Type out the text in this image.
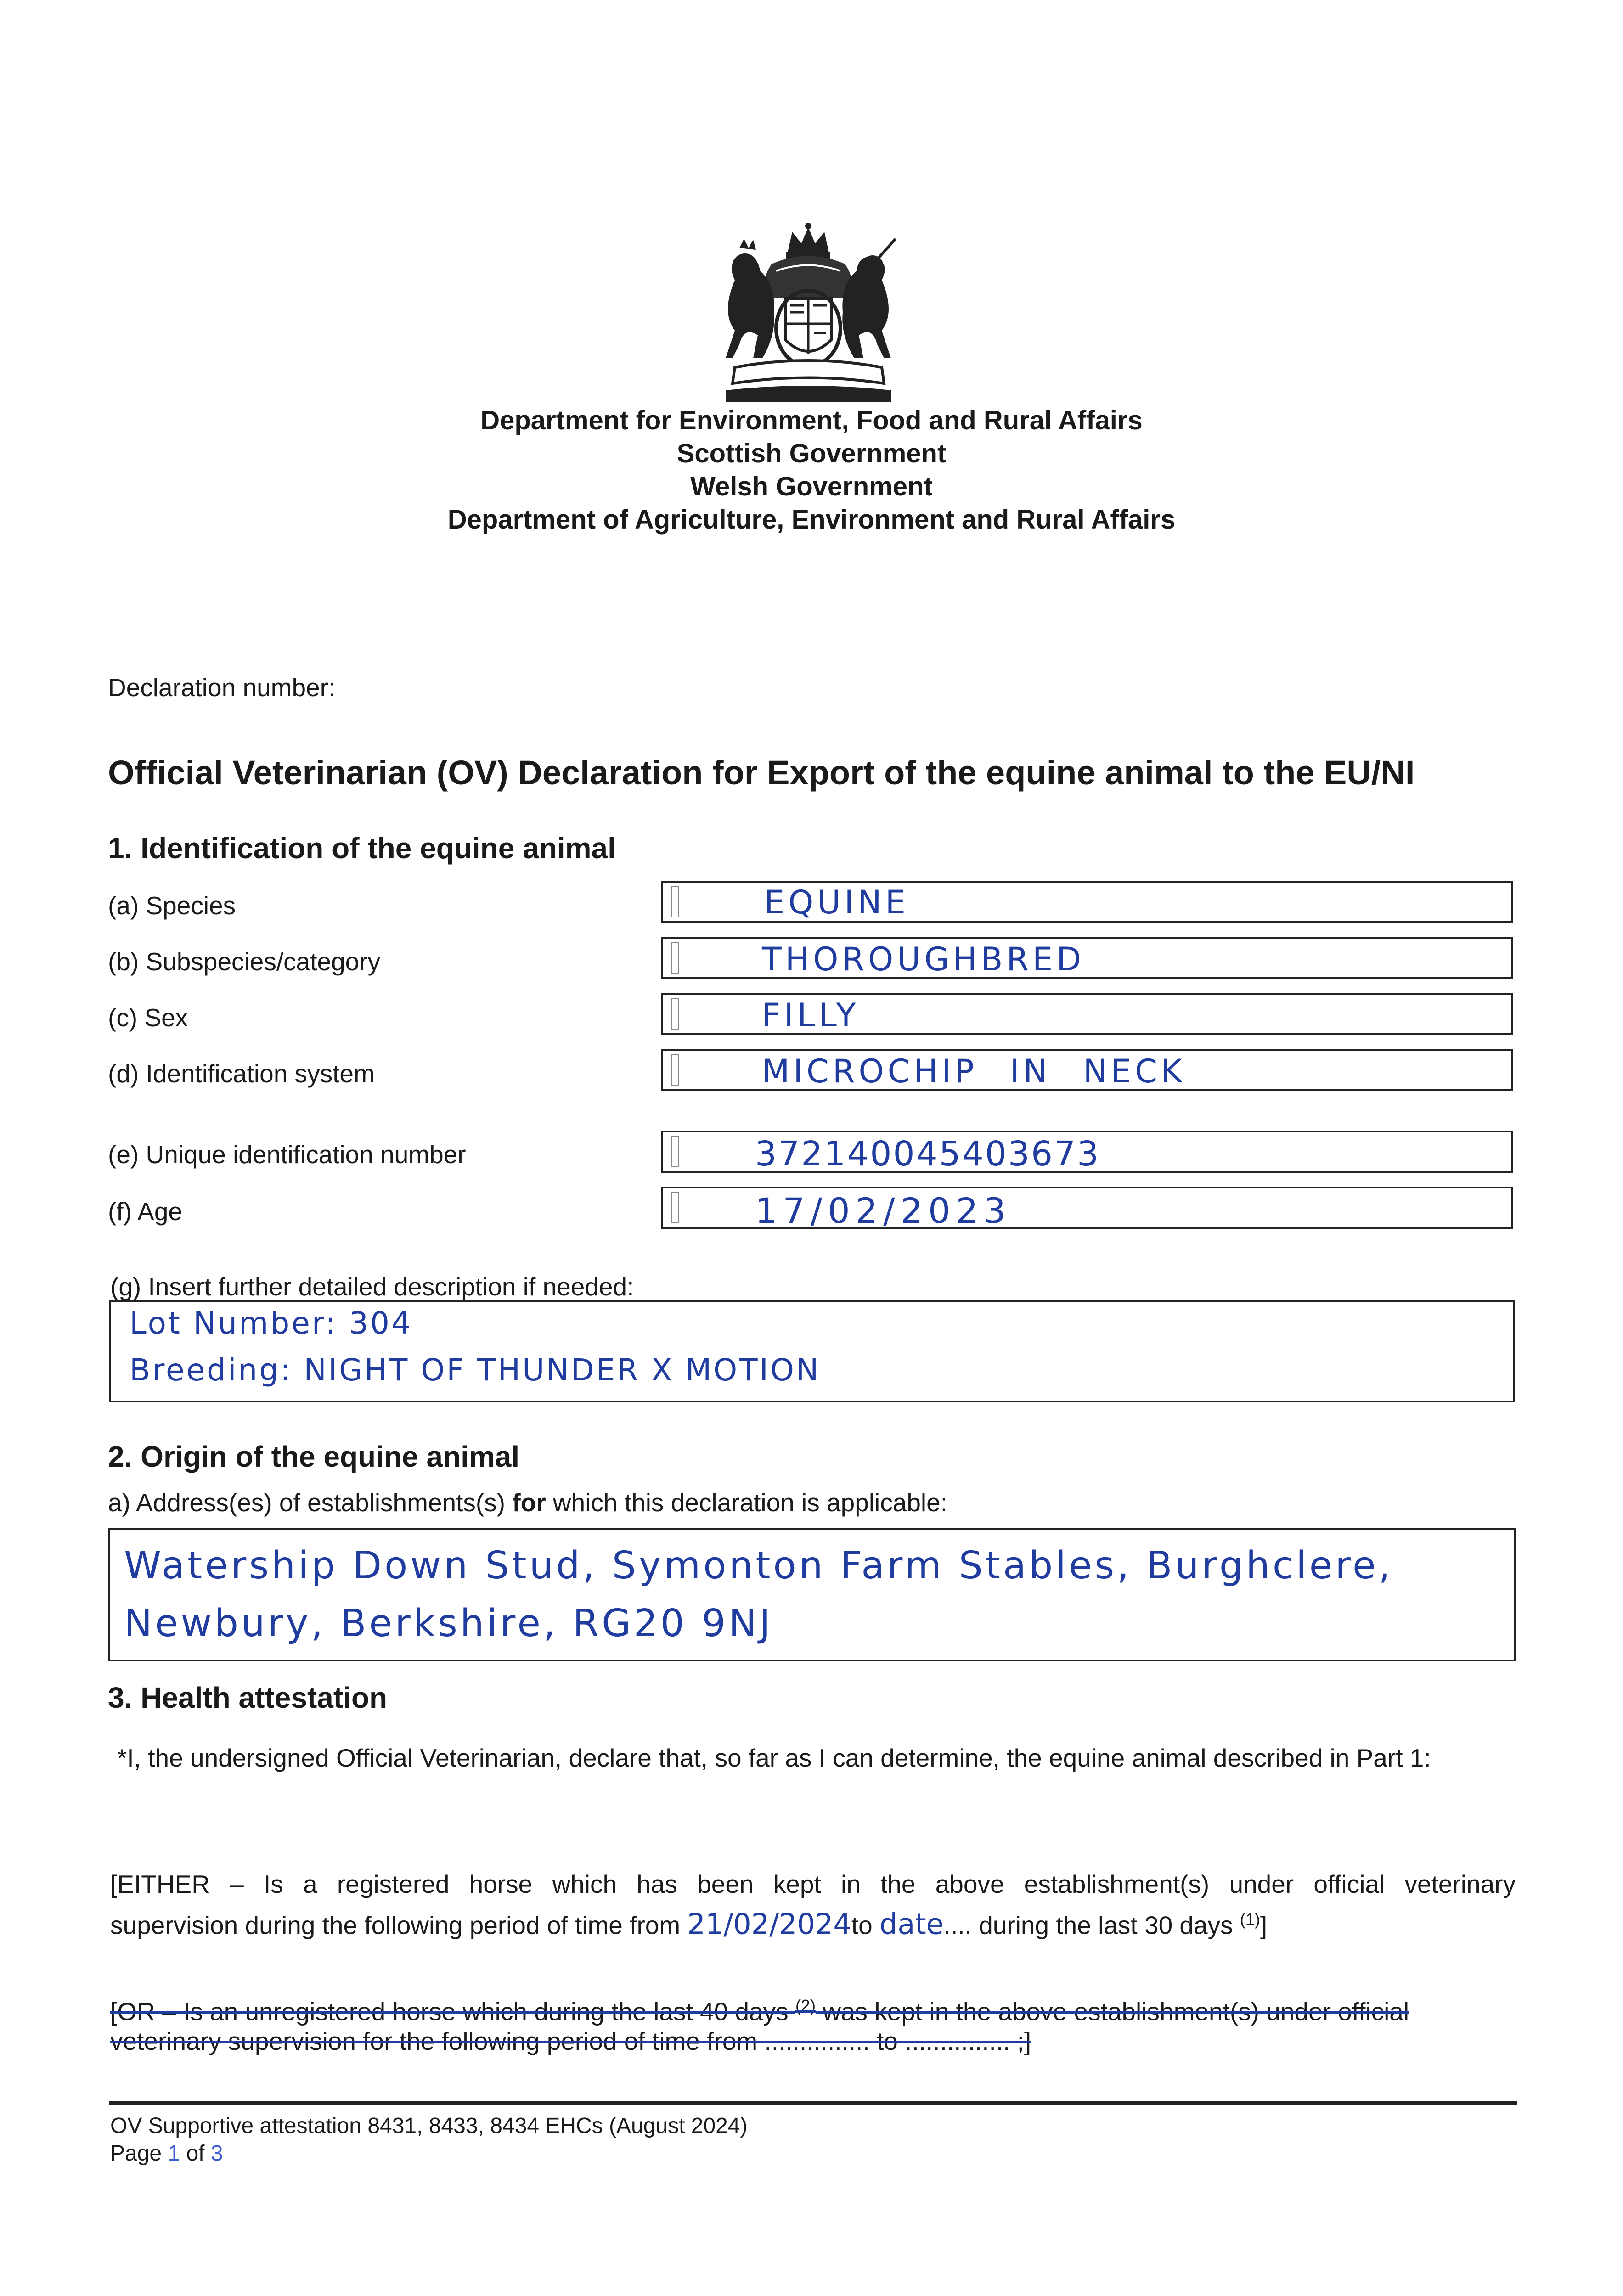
Department for Environment, Food and Rural Affairs
Scottish Government
Welsh Government
Department of Agriculture, Environment and Rural Affairs
Declaration number:
Official Veterinarian (OV) Declaration for Export of the equine animal to the EU/NI
1. Identification of the equine animal
(a) Species	EQUINE
(b) Subspecies/category	THOROUGHBRED
(c) Sex	FILLY
(d) Identification system	MICROCHIP IN NECK
(e) Unique identification number	372140045403673
(f) Age	17/02/2023
(g) Insert further detailed description if needed:
Lot Number: 304
Breeding: NIGHT OF THUNDER X MOTION
2. Origin of the equine animal
a) Address(es) of establishments(s) for which this declaration is applicable:
Watership Down Stud, Symonton Farm Stables, Burghclere,
Newbury, Berkshire, RG20 9NJ
3. Health attestation
*I, the undersigned Official Veterinarian, declare that, so far as I can determine, the equine animal described in Part 1:
[EITHER – Is a registered horse which has been kept in the above establishment(s) under official veterinary
supervision during the following period of time from 21/02/2024to date.... during the last 30 days $^{(1)}$]
[OR – Is an unregistered horse which during the last 40 days $^{(2)}$ was kept in the above establishment(s) under official
veterinary supervision for the following period of time from ............... to ............... ;]
OV Supportive attestation 8431, 8433, 8434 EHCs (August 2024)
Page 1 of 3
